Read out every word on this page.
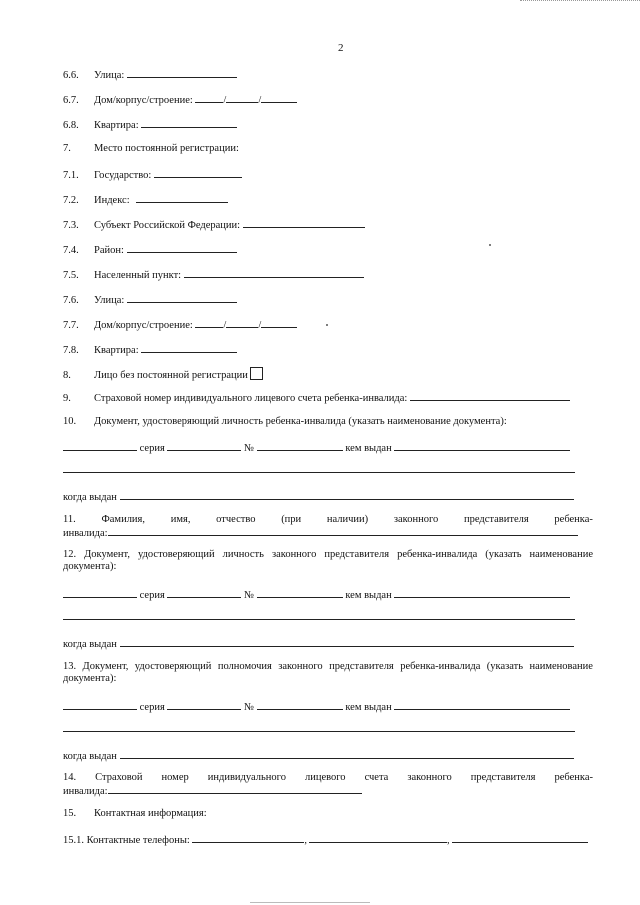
2
6.6. Улица:
6.7. Дом/корпус/строение:	/	/
6.8. Квартира:
7. Место постоянной регистрации:
7.1. Государство:
7.2. Индекс:
7.3. Субъект Российской Федерации:
7.4. Район:
7.5. Населенный пункт:
7.6. Улица:
7.7. Дом/корпус/строение:	/	/
7.8. Квартира:
8. Лицо без постоянной регистрации
9. Страховой номер индивидуального лицевого счета ребенка-инвалида:
10. Документ, удостоверяющий личность ребенка-инвалида (указать наименование документа):
серия	№	кем выдан
когда выдан
11. Фамилия, имя, отчество (при наличии) законного представителя ребенка-
инвалида:
12. Документ, удостоверяющий личность законного представителя ребенка-инвалида (указать наименование
документа):
серия	№	кем выдан
когда выдан
13. Документ, удостоверяющий полномочия законного представителя ребенка-инвалида (указать наименование
документа):
серия	№	кем выдан
когда выдан
14. Страховой номер индивидуального лицевого счета законного представителя ребенка-
инвалида:
15. Контактная информация:
15.1. Контактные телефоны:	,	,
